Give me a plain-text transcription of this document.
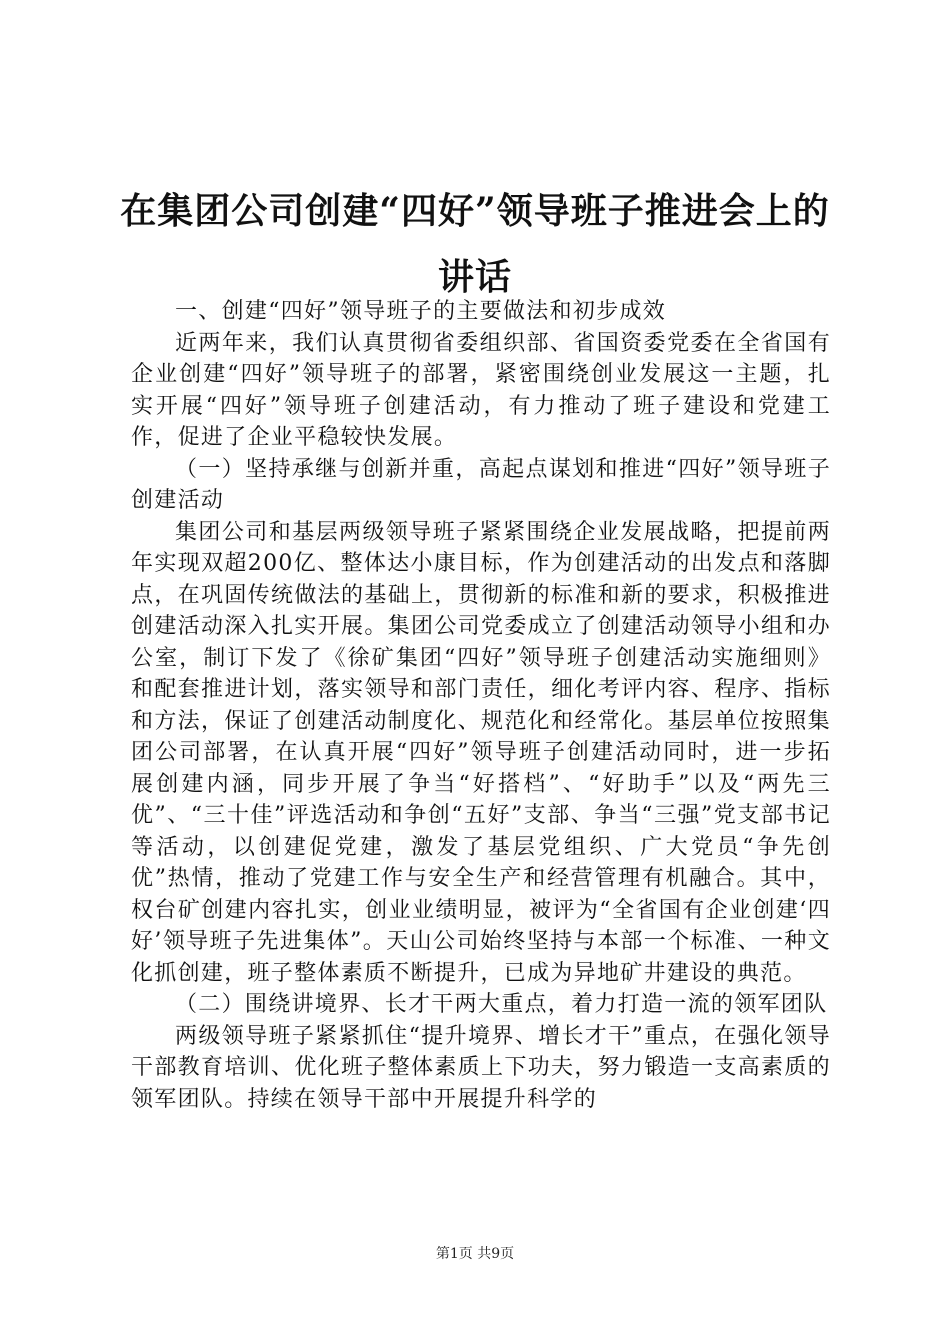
在集团公司创建“四好”领导班子推进会上的
讲话

一、创建“四好”领导班子的主要做法和初步成效

近两年来，我们认真贯彻省委组织部、省国资委党委在全省国有企业创建“四好”领导班子的部署，紧密围绕创业发展这一主题，扎实开展“四好”领导班子创建活动，有力推动了班子建设和党建工作，促进了企业平稳较快发展。

（一）坚持承继与创新并重，高起点谋划和推进“四好”领导班子创建活动

集团公司和基层两级领导班子紧紧围绕企业发展战略，把提前两年实现双超200亿、整体达小康目标，作为创建活动的出发点和落脚点，在巩固传统做法的基础上，贯彻新的标准和新的要求，积极推进创建活动深入扎实开展。集团公司党委成立了创建活动领导小组和办公室，制订下发了《徐矿集团“四好”领导班子创建活动实施细则》和配套推进计划，落实领导和部门责任，细化考评内容、程序、指标和方法，保证了创建活动制度化、规范化和经常化。基层单位按照集团公司部署，在认真开展“四好”领导班子创建活动同时，进一步拓展创建内涵，同步开展了争当“好搭档”、“好助手”以及“两先三优”、“三十佳”评选活动和争创“五好”支部、争当“三强”党支部书记等活动，以创建促党建，激发了基层党组织、广大党员“争先创优”热情，推动了党建工作与安全生产和经营管理有机融合。其中，权台矿创建内容扎实，创业业绩明显，被评为“全省国有企业创建‘四好’领导班子先进集体”。天山公司始终坚持与本部一个标准、一种文化抓创建，班子整体素质不断提升，已成为异地矿井建设的典范。

（二）围绕讲境界、长才干两大重点，着力打造一流的领军团队

两级领导班子紧紧抓住“提升境界、增长才干”重点，在强化领导干部教育培训、优化班子整体素质上下功夫，努力锻造一支高素质的领军团队。持续在领导干部中开展提升科学的

第1页 共9页
